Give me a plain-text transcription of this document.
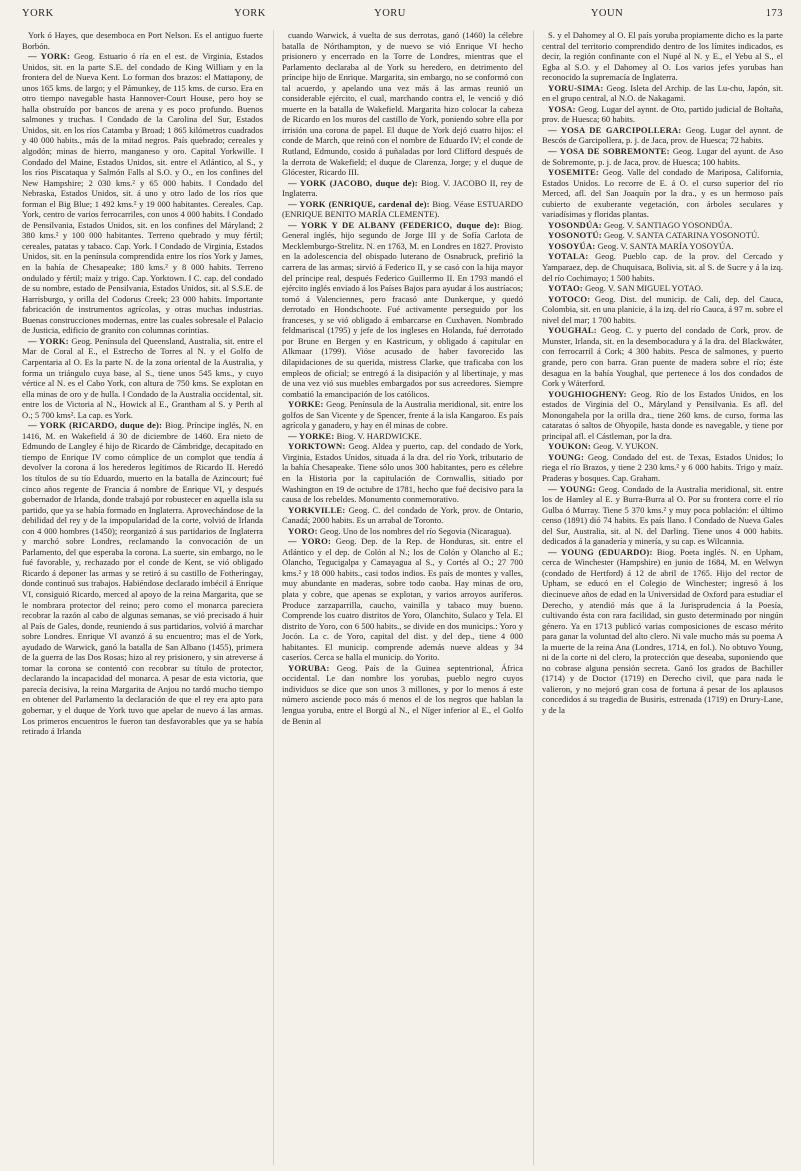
YORK	YORK	YORU	YOUN	173

York ó Hayes, que desemboca en Port Nelson. Es el antiguo fuerte Borbón.

— YORK: Geog. Estuario ó ría en el est. de Virginia, Estados Unidos, sit. en la parte S.E. del condado de King William y en la frontera del de Nueva Kent. Lo forman dos brazos: el Mattapony, de unos 165 kms. de largo; y el Pámunkey, de 115 kms. de curso. Era en otro tiempo navegable hasta Hannover-Court House, pero hoy se halla obstruído por bancos de arena y es poco profundo. Buenos salmones y truchas. ‖ Condado de la Carolina del Sur, Estados Unidos, sit. en los ríos Catamba y Broad; 1 865 kilómetros cuadrados y 40 000 habits., más de la mitad negros. País quebrado; cereales y algodón; minas de hierro, manganeso y oro. Capital Yorkwille. ‖ Condado del Maine, Estados Unidos, sit. entre el Atlántico, al S., y los ríos Piscataqua y Salmón Falls al S.O. y O., en los confines del New Hampshire; 2 030 kms.² y 65 000 habits. ‖ Condado del Nebraska, Estados Unidos, sit. á uno y otro lado de los ríos que forman el Big Blue; 1 492 kms.² y 19 000 habitantes. Cereales. Cap. York, centro de varios ferrocarriles, con unos 4 000 habits. ‖ Condado de Pensilvania, Estados Unidos, sit. en los confines del Máryland; 2 380 kms.² y 100 000 habitantes. Terreno quebrado y muy fértil; cereales, patatas y tabaco. Cap. York. ‖ Condado de Virginia, Estados Unidos, sit. en la península comprendida entre los ríos York y James, en la bahía de Chesapeake; 180 kms.² y 8 000 habits. Terreno ondulado y fértil; maíz y trigo. Cap. Yorktown. ‖ C. cap. del condado de su nombre, estado de Pensilvania, Estados Unidos, sit. al S.S.E. de Harrisburgo, y orilla del Codorus Creek; 23 000 habits. Importante fabricación de instrumentos agrícolas, y otras muchas industrias. Buenas construcciones modernas, entre las cuales sobresale el Palacio de Justicia, edificio de granito con columnas corintias.

— YORK: Geog. Península del Queensland, Australia, sit. entre el Mar de Coral al E., el Estrecho de Torres al N. y el Golfo de Carpentaria al O. Es la parte N. de la zona oriental de la Australia, y forma un triángulo cuya base, al S., tiene unos 545 kms., y cuyo vértice al N. es el Cabo York, con altura de 750 kms. Se explotan en ella minas de oro y de hulla. ‖ Condado de la Australia occidental, sit. entre los de Victoria al N., Howick al E., Grantham al S. y Perth al O.; 5 700 kms². La cap. es York.

— YORK (RICARDO, duque de): Biog. Príncipe inglés, N. en 1416, M. en Wakefield á 30 de diciembre de 1460. Era nieto de Edmundo de Langley é hijo de Ricardo de Cámbridge, decapitado en tiempo de Enrique IV como cómplice de un complot que tendía á devolver la corona á los herederos legítimos de Ricardo II. Heredó los títulos de su tío Eduardo, muerto en la batalla de Azincourt; fué cinco años regente de Francia á nombre de Enrique VI, y después gobernador de Irlanda, donde trabajó por robustecer en aquella isla su partido, que ya se había formado en Inglaterra. Aprovechándose de la debilidad del rey y de la impopularidad de la corte, volvió de Irlanda con 4 000 hombres (1450); reorganizó á sus partidarios de Inglaterra y marchó sobre Londres, reclamando la convocación de un Parlamento, del que esperaba la corona. La suerte, sin embargo, no le fué favorable, y, rechazado por el conde de Kent, se vió obligado Ricardo á deponer las armas y se retiró á su castillo de Fotheringay, donde continuó sus trabajos. Habiéndose declarado imbécil á Enrique VI, consiguió Ricardo, merced al apoyo de la reina Margarita, que se le nombrara protector del reino; pero como el monarca pareciera recobrar la razón al cabo de algunas semanas, se vió precisado á huir al País de Gales, donde, reuniendo á sus partidarios, volvió á marchar sobre Londres. Enrique VI avanzó á su encuentro; mas el de York, ayudado de Warwick, ganó la batalla de San Albano (1455), primera de la guerra de las Dos Rosas; hizo al rey prisionero, y sin atreverse á tomar la corona se contentó con recobrar su título de protector, declarando la incapacidad del monarca. A pesar de esta victoria, que parecía decisiva, la reina Margarita de Anjou no tardó mucho tiempo en obtener del Parlamento la declaración de que el rey era apto para gobernar, y el duque de York tuvo que apelar de nuevo á las armas. Los primeros encuentros le fueron tan desfavorables que ya se había retirado á Irlanda

cuando Warwick, á vuelta de sus derrotas, ganó (1460) la célebre batalla de Nórthampton, y de nuevo se vió Enrique VI hecho prisionero y encerrado en la Torre de Londres, mientras que el Parlamento declaraba al de York su heredero, en detrimento del príncipe hijo de Enrique. Margarita, sin embargo, no se conformó con tal acuerdo, y apelando una vez más á las armas reunió un considerable ejército, el cual, marchando contra el, le venció y dió muerte en la batalla de Wakefield. Margarita hizo colocar la cabeza de Ricardo en los muros del castillo de York, poniendo sobre ella por irrisión una corona de papel. El duque de York dejó cuatro hijos: el conde de March, que reinó con el nombre de Eduardo IV; el conde de Rutland, Edmundo, cosido á puñaladas por lord Clifford después de la derrota de Wakefield; el duque de Clarenza, Jorge; y el duque de Glócester, Ricardo III.

— YORK (JACOBO, duque de): Biog. V. JACOBO II, rey de Inglaterra.

— YORK (ENRIQUE, cardenal de): Biog. Véase ESTUARDO (ENRIQUE BENITO MARÍA CLEMENTE).

— YORK Y DE ALBANY (FEDERICO, duque de): Biog. General inglés, hijo segundo de Jorge III y de Sofía Carlota de Mecklemburgo-Strelitz. N. en 1763, M. en Londres en 1827. Provisto en la adolescencia del obispado luterano de Osnabruck, prefirió la carrera de las armas; sirvió á Federico II, y se casó con la hija mayor del príncipe real, después Federico Guillermo II. En 1793 mandó el ejército inglés enviado á los Países Bajos para ayudar á los austríacos; tomó á Valenciennes, pero fracasó ante Dunkerque, y quedó derrotado en Hondschoote. Fué activamente perseguido por los franceses, y se vió obligado á embarcarse en Cuxhaven. Nombrado feldmariscal (1795) y jefe de los ingleses en Holanda, fué derrotado por Brune en Bergen y en Kastricum, y obligado á capitular en Alkmaar (1799). Vióse acusado de haber favorecido las dilapidaciones de su querida, mistress Clarke, que traficaba con los empleos de oficial; se entregó á la disipación y al libertinaje, y mas de una vez vió sus muebles embargados por sus acreedores. Siempre combatió la emancipación de los católicos.

YORKE: Geog. Península de la Australia meridional, sit. entre los golfos de San Vicente y de Spencer, frente á la isla Kangaroo. Es país agrícola y ganadero, y hay en él minas de cobre.

— YORKE: Biog. V. HARDWICKE.

YORKTOWN: Geog. Aldea y puerto, cap. del condado de York, Virginia, Estados Unidos, situada á la dra. del río York, tributario de la bahía Chesapeake. Tiene sólo unos 300 habitantes, pero es célebre en la Historia por la capitulación de Cornwallis, sitiado por Washington en 19 de octubre de 1781, hecho que fué decisivo para la causa de los rebeldes. Monumento conmemorativo.

YORKVILLE: Geog. C. del condado de York, prov. de Ontario, Canadá; 2000 habits. Es un arrabal de Toronto.

YORO: Geog. Uno de los nombres del río Segovia (Nicaragua).

— YORO: Geog. Dep. de la Rep. de Honduras, sit. entre el Atlántico y el dep. de Colón al N.; los de Colón y Olancho al E.; Olancho, Tegucigalpa y Camayagua al S., y Cortés al O.; 27 700 kms.² y 18 000 habits., casi todos indios. Es país de montes y valles, muy abundante en maderas, sobre todo caoba. Hay minas de oro, plata y cobre, que apenas se explotan, y varios arroyos auríferos. Produce zarzaparrilla, caucho, vainilla y tabaco muy bueno. Comprende los cuatro distritos de Yoro, Olanchito, Sulaco y Tela. El distrito de Yoro, con 6 500 habits., se divide en dos municips.: Yoro y Jocón. La c. de Yoro, capital del dist. y del dep., tiene 4 000 habitantes. El municip. comprende además nueve aldeas y 34 caseríos. Cerca se halla el municip. do Yorito.

YORUBA: Geog. País de la Guinea septentrional, África occidental. Le dan nombre los yorubas, pueblo negro cuyos individuos se dice que son unos 3 millones, y por lo menos á este número asciende poco más ó menos el de los negros que hablan la lengua yoruba, entre el Borgú al N., el Níger inferior al E., el Golfo de Benin al

S. y el Dahomey al O. El país yoruba propiamente dicho es la parte central del territorio comprendido dentro de los límites indicados, es decir, la región confinante con el Nupé al N. y E., el Yebu al S., el Egba al S.O. y el Dahomey al O. Los varios jefes yorubas han reconocido la supremacía de Inglaterra.

YORU-SIMA: Geog. Isleta del Archip. de las Lu-chu, Japón, sit. en el grupo central, al N.O. de Nakagami.

YOSA: Geog. Lugar del aynnt. de Oto, partido judicial de Boltaña, prov. de Huesca; 60 habits.

— YOSA DE GARCIPOLLERA: Geog. Lugar del aynnt. de Bescós de Garcipollera, p. j. de Jaca, prov. de Huesca; 72 habits.

— YOSA DE SOBREMONTE: Geog. Lugar del ayunt. de Aso de Sobremonte, p. j. de Jaca, prov. de Huesca; 100 habits.

YOSEMITE: Geog. Valle del condado de Mariposa, California, Estados Unidos. Lo recorre de E. á O. el curso superior del río Merced, afl. del San Joaquín por la dra., y es un hermoso país cubierto de exuberante vegetación, con árboles seculares y variadísimas y floridas plantas.

YOSONDÚA: Geog. V. SANTIAGO YOSONDÚA.

YOSONOTÚ: Geog. V. SANTA CATARINA YOSONOTÚ.

YOSOYÚA: Geog. V. SANTA MARÍA YOSOYÚA.

YOTALA: Geog. Pueblo cap. de la prov. del Cercado y Yamparaez, dep. de Chuquisaca, Bolivia, sit. al S. de Sucre y á la izq. del río Cochimayo; 1 500 habits.

YOTAO: Geog. V. SAN MIGUEL YOTAO.

YOTOCO: Geog. Dist. del municip. de Cali, dep. del Cauca, Colombia, sit. en una planicie, á la izq. del río Cauca, á 97 m. sobre el nivel del mar; 1 700 habits.

YOUGHAL: Geog. C. y puerto del condado de Cork, prov. de Munster, Irlanda, sit. en la desembocadura y á la dra. del Blackwáter, con ferrocarril á Cork; 4 300 habits. Pesca de salmones, y puerto grande, pero con barra. Gran puente de madera sobre el río; éste desagua en la bahía Youghal, que pertenece á los dos condados de Cork y Wáterford.

YOUGHIOGHENY: Geog. Río de los Estados Unidos, en los estados de Virginia del O., Máryland y Pensilvania. Es afl. del Monongahela por la orilla dra., tiene 260 kms. de curso, forma las cataratas ó saltos de Ohyopile, hasta donde es navegable, y tiene por principal afl. el Cástleman, por la dra.

YOUKON: Geog. V. YUKON.

YOUNG: Geog. Condado del est. de Texas, Estados Unidos; lo riega el río Brazos, y tiene 2 230 kms.² y 6 000 habits. Trigo y maíz. Praderas y bosques. Cap. Graham.

— YOUNG: Geog. Condado de la Australia meridional, sit. entre los de Hamley al E. y Burra-Burra al O. Por su frontera corre el río Gulba ó Murray. Tiene 5 370 kms.² y muy poca población: el último censo (1891) dió 74 habits. Es país llano. ‖ Condado de Nueva Gales del Sur, Australia, sit. al N. del Darling. Tiene unos 4 000 habits. dedicados á la ganadería y minería, y su cap. es Wilcannia.

— YOUNG (EDUARDO): Biog. Poeta inglés. N. en Upham, cerca de Winchester (Hampshire) en junio de 1684, M. en Welwyn (condado de Hertford) á 12 de abril de 1765. Hijo del rector de Upham, se educó en el Colegio de Winchester; ingresó á los diecinueve años de edad en la Universidad de Oxford para estudiar el Derecho, y atendió más que á la Jurisprudencia á la Poesía, cultivando ésta con rara facilidad, sin gusto determinado por ningún género. Ya en 1713 publicó varias composiciones de escaso mérito para ganar la voluntad del alto clero. Ni vale mucho más su poema A la muerte de la reina Ana (Londres, 1714, en fol.). No obtuvo Young, ni de la corte ni del clero, la protección que deseaba, suponiendo que no cobrase alguna pensión secreta. Ganó los grados de Bachiller (1714) y de Doctor (1719) en Derecho civil, que para nada le valieron, y no mejoró gran cosa de fortuna á pesar de los aplausos concedidos á su tragedia de Busiris, estrenada (1719) en Drury-Lane, y de la
